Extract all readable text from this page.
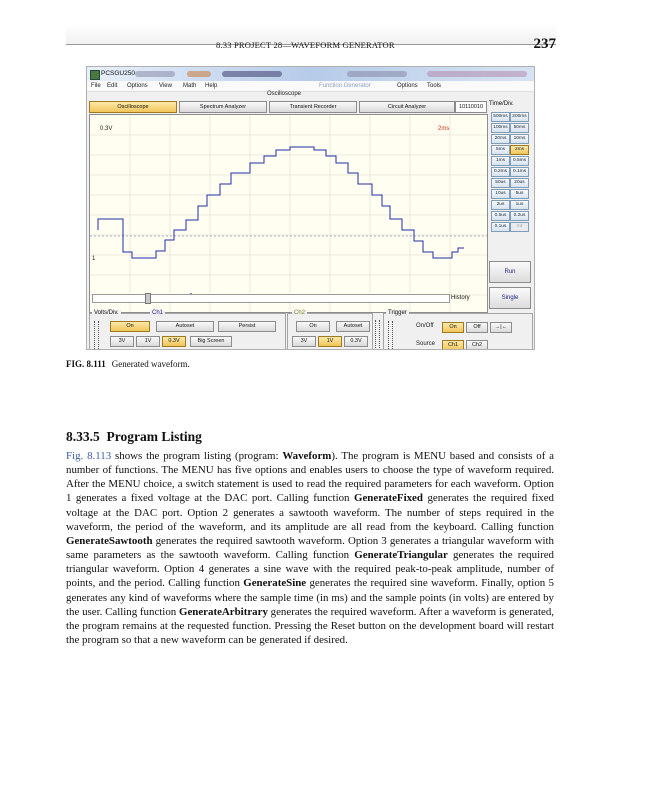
8.33 PROJECT 28—WAVEFORM GENERATOR	237
PCSGU250
File Edit Options View Math Help	Function Generator	Options Tools
Oscilloscope
Oscilloscope	Spectrum Analyzer	Transient Recorder	Circuit Analyzer	10110010
1
0.3V	2ms
History
Time/Div.
500ms 200ms
100ms	50ms
20ms	10ms
5ms	2ms
1ms	0.5ms
0.2ms	0.1ms
50us	20us
10us	5us
2us	1us
0.5us	0.2us
0.1us	Xd
Run
Single
Volts/Div.	Ch1
On	Autoset	Persist
3V	1V	0.3V	Big Screen
Ch2
On	Autoset
3V	1V	0.3V
Trigger
On/Off	On	Off	→|←
Source	Ch1	Ch2
FIG. 8.111 Generated waveform.
8.33.5 Program Listing
Fig. 8.113 shows the program listing (program: Waveform). The program is MENU based and consists of a number of functions. The MENU has five options and enables users to choose the type of waveform required. After the MENU choice, a switch statement is used to read the required parameters for each waveform. Option 1 generates a fixed voltage at the DAC port. Calling function GenerateFixed generates the required fixed voltage at the DAC port. Option 2 generates a sawtooth waveform. The number of steps required in the waveform, the period of the waveform, and its amplitude are all read from the keyboard. Calling function GenerateSawtooth generates the required sawtooth waveform. Option 3 generates a triangular waveform with same parameters as the sawtooth waveform. Calling function GenerateTriangular generates the required triangular waveform. Option 4 generates a sine wave with the required peak-to-peak amplitude, number of points, and the period. Calling function GenerateSine generates the required sine waveform. Finally, option 5 generates any kind of waveforms where the sample time (in ms) and the sample points (in volts) are entered by the user. Calling function GenerateArbitrary generates the required waveform. After a waveform is generated, the program remains at the requested function. Pressing the Reset button on the development board will restart the program so that a new waveform can be generated if desired.
